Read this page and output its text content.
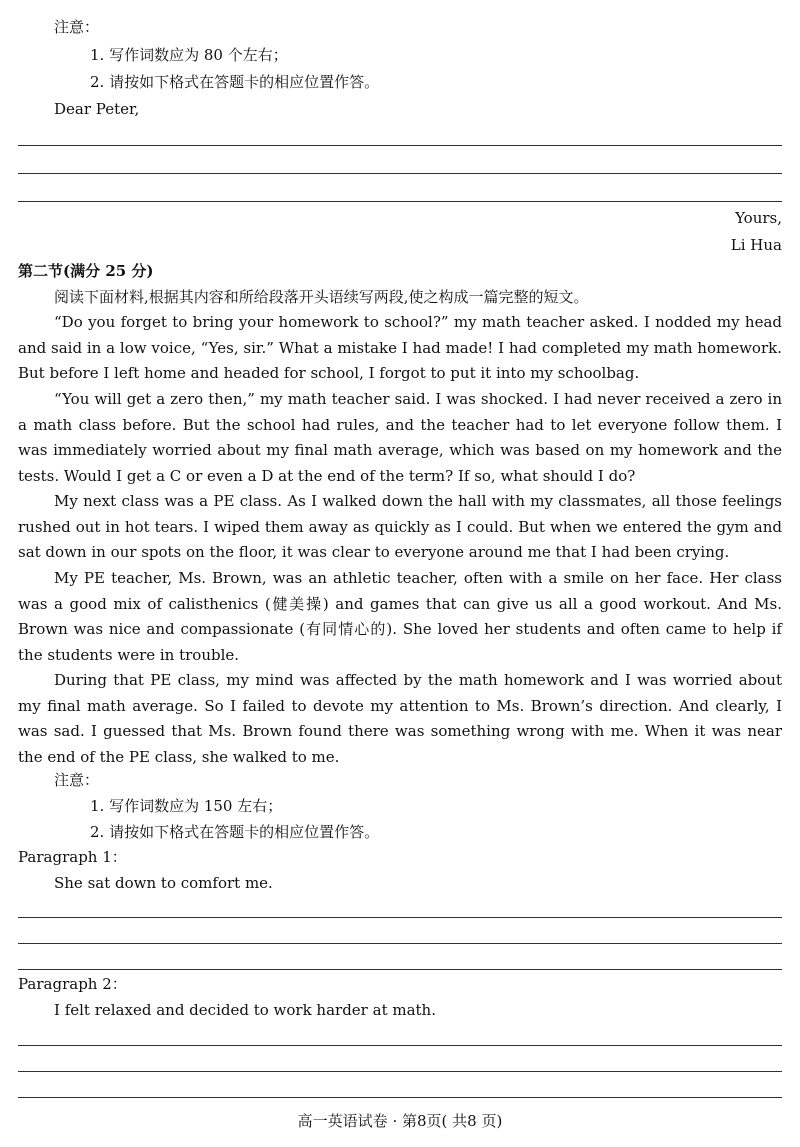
注意：
1. 写作词数应为 80 个左右；
2. 请按如下格式在答题卡的相应位置作答。
Dear Peter,
Yours,
Li Hua
第二节(满分 25 分)
阅读下面材料,根据其内容和所给段落开头语续写两段,使之构成一篇完整的短文。
“Do you forget to bring your homework to school?” my math teacher asked. I nodded my head and said in a low voice, “Yes, sir.” What a mistake I had made! I had completed my math homework. But before I left home and headed for school, I forgot to put it into my schoolbag.
“You will get a zero then,” my math teacher said. I was shocked. I had never received a zero in a math class before. But the school had rules, and the teacher had to let everyone follow them. I was immediately worried about my final math average, which was based on my homework and the tests. Would I get a C or even a D at the end of the term? If so, what should I do?
My next class was a PE class. As I walked down the hall with my classmates, all those feelings rushed out in hot tears. I wiped them away as quickly as I could. But when we entered the gym and sat down in our spots on the floor, it was clear to everyone around me that I had been crying.
My PE teacher, Ms. Brown, was an athletic teacher, often with a smile on her face. Her class was a good mix of calisthenics (健美操) and games that can give us all a good workout. And Ms. Brown was nice and compassionate (有同情心的). She loved her students and often came to help if the students were in trouble.
During that PE class, my mind was affected by the math homework and I was worried about my final math average. So I failed to devote my attention to Ms. Brown’s direction. And clearly, I was sad. I guessed that Ms. Brown found there was something wrong with me. When it was near the end of the PE class, she walked to me.
注意：
1. 写作词数应为 150 左右；
2. 请按如下格式在答题卡的相应位置作答。
Paragraph 1：
She sat down to comfort me.
Paragraph 2：
I felt relaxed and decided to work harder at math.
高一英语试卷 · 第8页( 共8 页)
